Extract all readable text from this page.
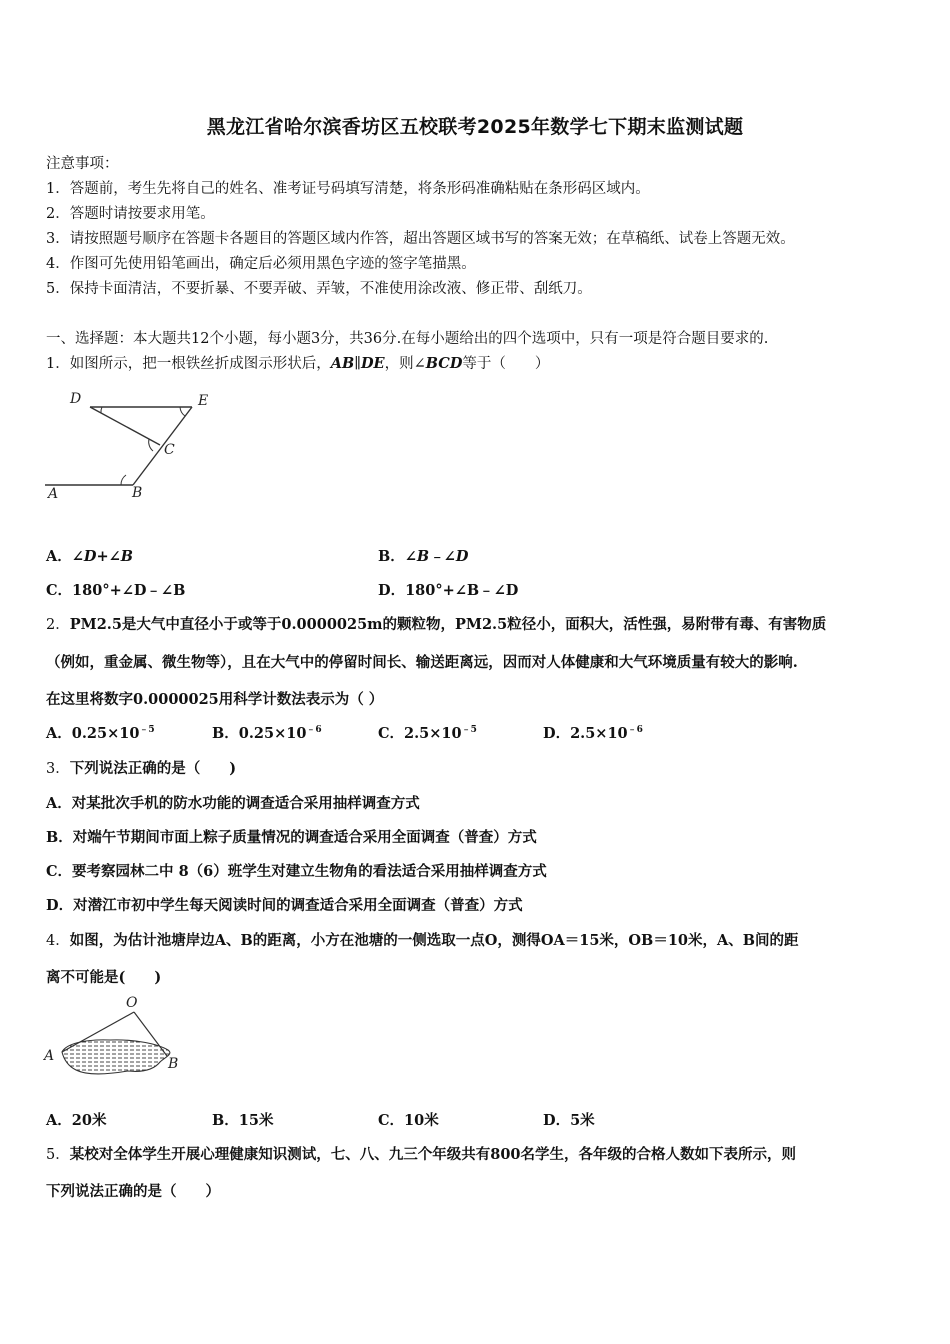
黑龙江省哈尔滨香坊区五校联考2025年数学七下期末监测试题
注意事项：
1．答题前，考生先将自己的姓名、准考证号码填写清楚，将条形码准确粘贴在条形码区域内。
2．答题时请按要求用笔。
3．请按照题号顺序在答题卡各题目的答题区域内作答，超出答题区域书写的答案无效；在草稿纸、试卷上答题无效。
4．作图可先使用铅笔画出，确定后必须用黑色字迹的签字笔描黑。
5．保持卡面清洁，不要折暴、不要弄破、弄皱，不准使用涂改液、修正带、刮纸刀。
一、选择题：本大题共12个小题，每小题3分，共36分.在每小题给出的四个选项中，只有一项是符合题目要求的.
1．如图所示，把一根铁丝折成图示形状后，AB∥DE，则∠BCD等于（　　）
D	E
C
A	B
A．∠D+∠B	B．∠B﹣∠D
C．180°+∠D﹣∠B	D．180°+∠B﹣∠D
2．PM2.5是大气中直径小于或等于0.0000025m的颗粒物，PM2.5粒径小，面积大，活性强，易附带有毒、有害物质
（例如，重金属、微生物等），且在大气中的停留时间长、输送距离远，因而对人体健康和大气环境质量有较大的影响.
在这里将数字0.0000025用科学计数法表示为（ ）
A．$0.25\times 10^{﹣5}$	B．$0.25\times 10^{﹣6}$	C．$2.5\times 10^{﹣5}$	D．$2.5\times 10^{﹣6}$
3．下列说法正确的是（　　)
A．对某批次手机的防水功能的调查适合采用抽样调查方式
B．对端午节期间市面上粽子质量情况的调查适合采用全面调查（普查）方式
C．要考察园林二中 8（6）班学生对建立生物角的看法适合采用抽样调查方式
D．对潜江市初中学生每天阅读时间的调查适合采用全面调查（普查）方式
4．如图，为估计池塘岸边A、B的距离，小方在池塘的一侧选取一点O，测得OA＝15米，OB＝10米，A、B间的距
离不可能是(　　)
O
A	B
A．20米	B．15米	C．10米	D．5米
5．某校对全体学生开展心理健康知识测试，七、八、九三个年级共有800名学生，各年级的合格人数如下表所示，则
下列说法正确的是（　　）
